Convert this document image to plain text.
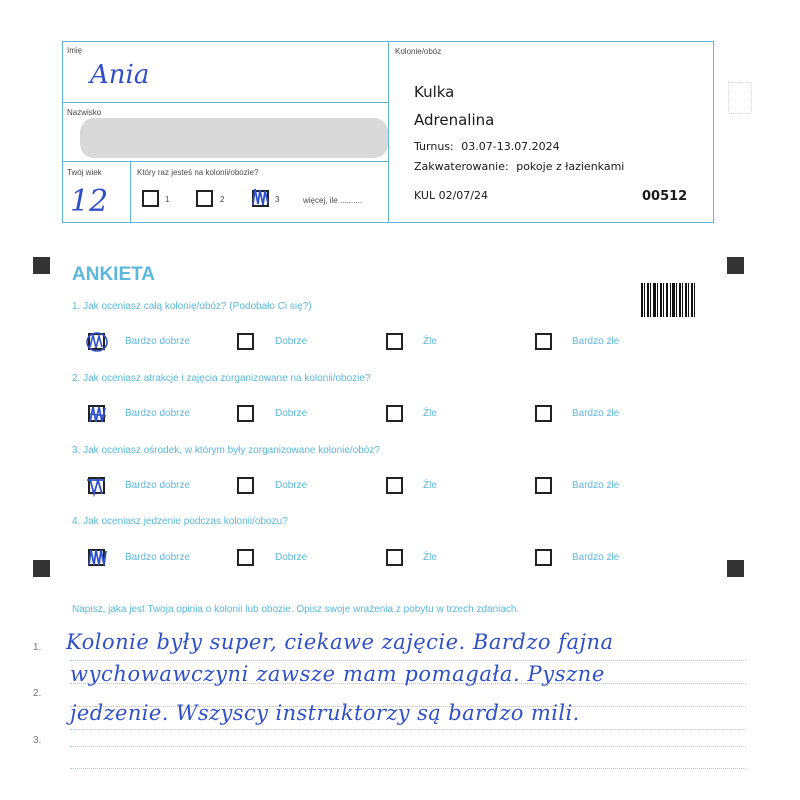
Imię
Ania
Nazwisko
Twój wiek
12
Który raz jesteś na kolonii/obozie?
1	2	3	więcej, ile ..........
Kolonie/obóz
Kulka
Adrenalina
Turnus: 03.07-13.07.2024
Zakwaterowanie: pokoje z łazienkami
KUL 02/07/24	00512
ANKIETA
1. Jak oceniasz całą kolonię/obóz? (Podobało Ci się?)
Bardzo dobrze	Dobrze	Źle	Bardzo źle
2. Jak oceniasz atrakcje i zajęcia zorganizowane na kolonii/obozie?
Bardzo dobrze	Dobrze	Źle	Bardzo źle
3. Jak oceniasz ośrodek, w którym były zorganizowane kolonie/obóz?
Bardzo dobrze	Dobrze	Źle	Bardzo źle
4. Jak oceniasz jedzenie podczas kolonii/obozu?
Bardzo dobrze	Dobrze	Źle	Bardzo źle
Napisz, jaka jest Twoja opinia o kolonii lub obozie. Opisz swoje wrażenia z pobytu w trzech zdaniach.
1.
2.
3.
Kolonie były super, ciekawe zajęcie. Bardzo fajna
wychowawczyni zawsze mam pomagała. Pyszne
jedzenie. Wszyscy instruktorzy są bardzo mili.
